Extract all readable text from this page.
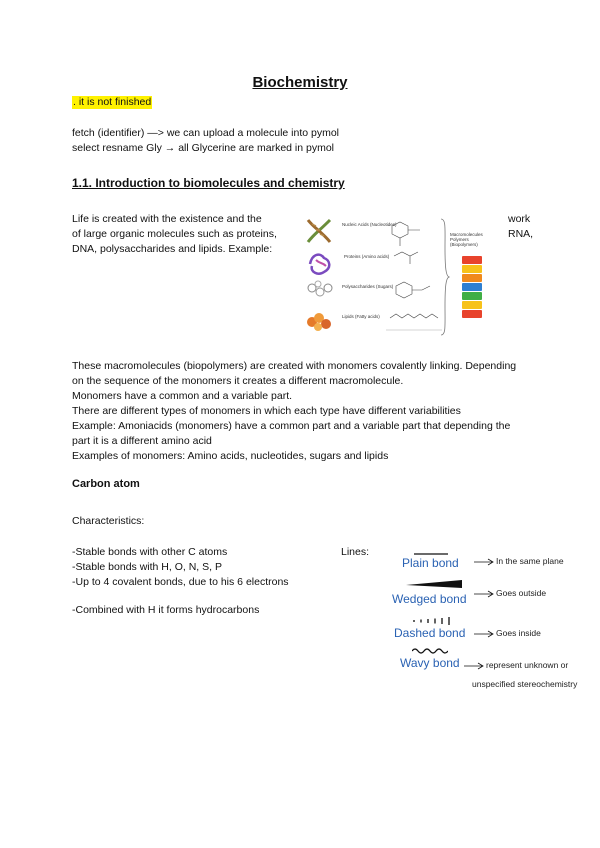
Biochemistry
. it is not finished
fetch (identifier) —> we can upload a molecule into pymol
select resname Gly → all Glycerine are marked in pymol
1.1. Introduction to biomolecules and chemistry
Life is created with the existence and the
of large organic molecules such as proteins,
DNA, polysaccharides and lipids. Example:
work
RNA,
Nucleic Acids (Nucleotides)
Proteins (Amino acids)
Polysaccharides (Sugars)
Lipids (Fatty acids)
Macromolecules
Polymers
(Biopolymers)
These macromolecules (biopolymers) are created with monomers covalently linking. Depending
on the sequence of the monomers it creates a different macromolecule.
Monomers have a common and a variable part.
There are different types of monomers in which each type have different variabilities
Example: Amoniacids (monomers) have a common part and a variable part that depending the
part it is a different amino acid
Examples of monomers: Amino acids, nucleotides, sugars and lipids
Carbon atom
Characteristics:
-Stable bonds with other C atoms
-Stable bonds with H, O, N, S, P
-Up to 4 covalent bonds, due to his 6 electrons
-Combined with H it forms hydrocarbons
Lines:
Plain bond	In the same plane
Wedged bond	Goes outside
Dashed bond	Goes inside
Wavy bond	represent unknown or
unspecified stereochemistry
